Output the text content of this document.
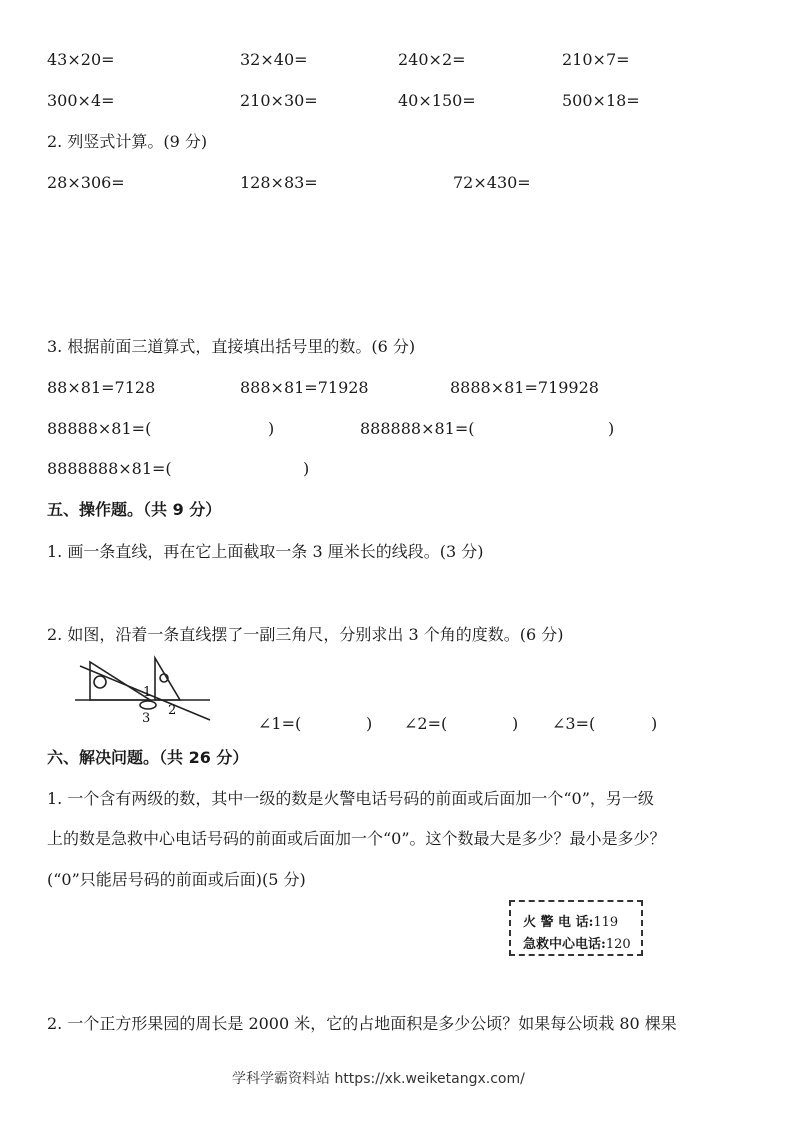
43×20=	32×40=	240×2=	210×7=
300×4=	210×30=	40×150=	500×18=
2. 列竖式计算。(9 分)
28×306=	128×83=	72×430=
3. 根据前面三道算式，直接填出括号里的数。(6 分)
88×81=7128	888×81=71928	8888×81=719928
88888×81=(	)	888888×81=(	)
8888888×81=(	)
五、操作题。（共 9 分）
1. 画一条直线，再在它上面截取一条 3 厘米长的线段。(3 分)
2. 如图，沿着一条直线摆了一副三角尺，分别求出 3 个角的度数。(6 分)
1
2
3	∠1=(	) ∠2=(	) ∠3=(	)
六、解决问题。（共 26 分）
1. 一个含有两级的数，其中一级的数是火警电话号码的前面或后面加一个“0”，另一级
上的数是急救中心电话号码的前面或后面加一个“0”。这个数最大是多少？最小是多少？
(“0”只能居号码的前面或后面)(5 分)
火 警 电 话:119
急救中心电话:120
2. 一个正方形果园的周长是 2000 米，它的占地面积是多少公顷？如果每公顷栽 80 棵果
学科学霸资料站 https://xk.weiketangx.com/
